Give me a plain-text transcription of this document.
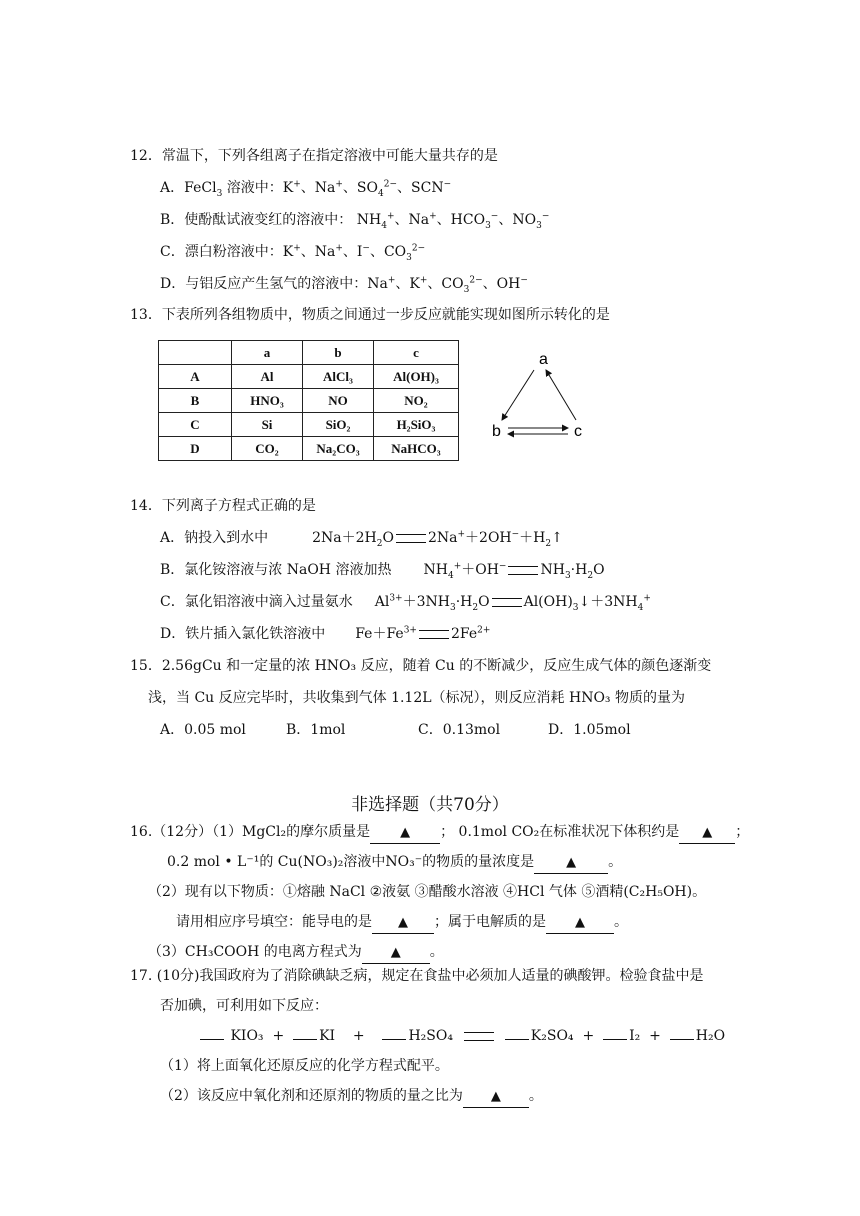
12．常温下，下列各组离子在指定溶液中可能大量共存的是
A．FeCl$_3$ 溶液中：K+、Na+、$SO_4^{2-}$、SCN−
B．使酚酞试液变红的溶液中： $NH_4^+$、Na+、$HCO_3^-$、$NO_3^-$
C．漂白粉溶液中：K+、Na+、I−、$CO_3^{2-}$
D．与铝反应产生氢气的溶液中：Na+、K+、$CO_3^{2-}$、OH−
13．下表所列各组物质中，物质之间通过一步反应就能实现如图所示转化的是
	a	b	c
A	Al	AlCl₃	Al(OH)₃
B	HNO₃	NO	NO₂
C	Si	SiO₂	H₂SiO₃
D	CO₂	Na₂CO₃	NaHCO₃
a
b	c
14．下列离子方程式正确的是
A．钠投入到水中	$2Na+2H_2O$ $2Na^++2OH^-+H_2↑$
B．氯化铵溶液与浓 NaOH 溶液加热 $NH_4^++OH^-$ $NH_3\cdot H_2O$
C．氯化铝溶液中滴入过量氨水 $Al^{3+}+3NH_3\cdot H_2O$ $Al(OH)_3↓+3NH_4^+$
D．铁片插入氯化铁溶液中 $Fe+Fe^{3+}$ $2Fe^{2+}$
15．2.56gCu 和一定量的浓 HNO₃ 反应，随着 Cu 的不断减少，反应生成气体的颜色逐渐变
浅，当 Cu 反应完毕时，共收集到气体 1.12L（标况），则反应消耗 HNO₃ 物质的量为
A．0.05 mol	B．1mol	C．0.13mol	D．1.05mol
非选择题（共70分）
16.（12分）（1）MgCl₂的摩尔质量是 ▲ ； 0.1mol CO₂在标准状况下体积约是 ▲ ；
0.2 mol • L⁻¹的 Cu(NO₃)₂溶液中NO₃⁻的物质的量浓度是 ▲ 。
（2）现有以下物质：①熔融 NaCl ②液氨 ③醋酸水溶液 ④HCl 气体 ⑤酒精(C₂H₅OH)。
请用相应序号填空：能导电的是 ▲ ；属于电解质的是 ▲ 。
（3）CH₃COOH 的电离方程式为 ▲ 。
17. (10分)我国政府为了消除碘缺乏病，规定在食盐中必须加人适量的碘酸钾。检验食盐中是
否加碘，可利用如下反应：
KIO₃ + KI +	H₂SO₄	K₂SO₄ + I₂ + H₂O
（1）将上面氧化还原反应的化学方程式配平。
（2）该反应中氧化剂和还原剂的物质的量之比为 ▲ 。
